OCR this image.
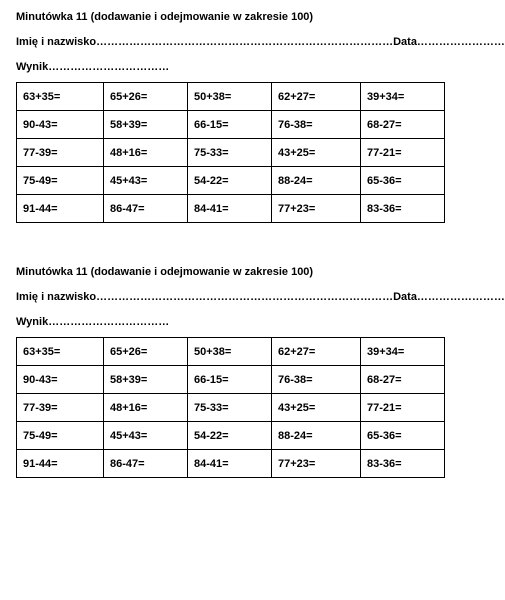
Minutówka 11 (dodawanie i odejmowanie w zakresie 100)
Imię i nazwisko……………………………………………………………………… Data……………………
Wynik……………………………
63+35=	65+26=	50+38=	62+27=	39+34=
90-43=	58+39=	66-15=	76-38=	68-27=
77-39=	48+16=	75-33=	43+25=	77-21=
75-49=	45+43=	54-22=	88-24=	65-36=
91-44=	86-47=	84-41=	77+23=	83-36=
Minutówka 11 (dodawanie i odejmowanie w zakresie 100)
Imię i nazwisko……………………………………………………………………… Data……………………
Wynik……………………………
63+35=	65+26=	50+38=	62+27=	39+34=
90-43=	58+39=	66-15=	76-38=	68-27=
77-39=	48+16=	75-33=	43+25=	77-21=
75-49=	45+43=	54-22=	88-24=	65-36=
91-44=	86-47=	84-41=	77+23=	83-36=
